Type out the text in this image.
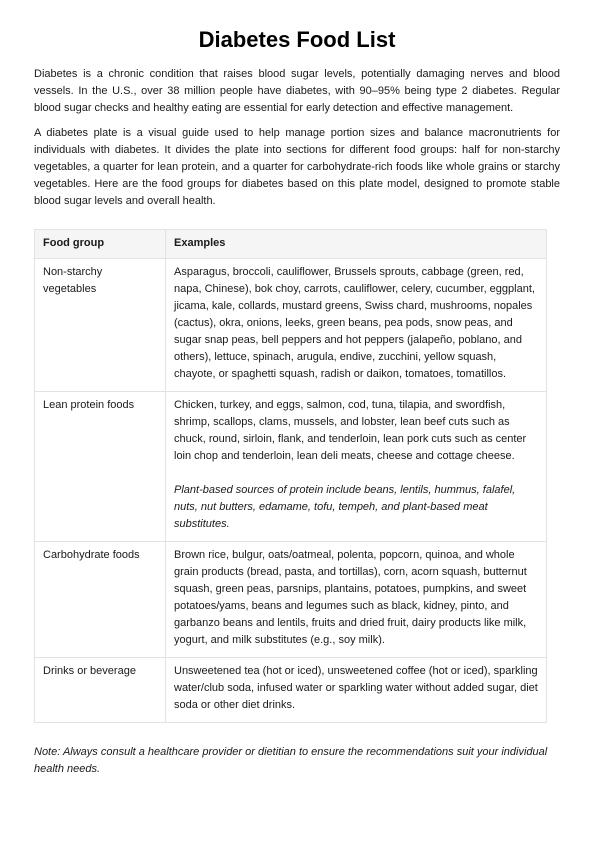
Diabetes Food List

Diabetes is a chronic condition that raises blood sugar levels, potentially damaging nerves and blood vessels. In the U.S., over 38 million people have diabetes, with 90–95% being type 2 diabetes. Regular blood sugar checks and healthy eating are essential for early detection and effective management.

A diabetes plate is a visual guide used to help manage portion sizes and balance macronutrients for individuals with diabetes. It divides the plate into sections for different food groups: half for non-starchy vegetables, a quarter for lean protein, and a quarter for carbohydrate-rich foods like whole grains or starchy vegetables. Here are the food groups for diabetes based on this plate model, designed to promote stable blood sugar levels and overall health.

Food group	Examples
Non-starchy vegetables	Asparagus, broccoli, cauliflower, Brussels sprouts, cabbage (green, red, napa, Chinese), bok choy, carrots, cauliflower, celery, cucumber, eggplant, jicama, kale, collards, mustard greens, Swiss chard, mushrooms, nopales (cactus), okra, onions, leeks, green beans, pea pods, snow peas, and sugar snap peas, bell peppers and hot peppers (jalapeño, poblano, and others), lettuce, spinach, arugula, endive, zucchini, yellow squash, chayote, or spaghetti squash, radish or daikon, tomatoes, tomatillos.
Lean protein foods	Chicken, turkey, and eggs, salmon, cod, tuna, tilapia, and swordfish, shrimp, scallops, clams, mussels, and lobster, lean beef cuts such as chuck, round, sirloin, flank, and tenderloin, lean pork cuts such as center loin chop and tenderloin, lean deli meats, cheese and cottage cheese.
Plant-based sources of protein include beans, lentils, hummus, falafel, nuts, nut butters, edamame, tofu, tempeh, and plant-based meat substitutes.

Carbohydrate foods	Brown rice, bulgur, oats/oatmeal, polenta, popcorn, quinoa, and whole grain products (bread, pasta, and tortillas), corn, acorn squash, butternut squash, green peas, parsnips, plantains, potatoes, pumpkins, and sweet potatoes/yams, beans and legumes such as black, kidney, pinto, and garbanzo beans and lentils, fruits and dried fruit, dairy products like milk, yogurt, and milk substitutes (e.g., soy milk).
Drinks or beverage	Unsweetened tea (hot or iced), unsweetened coffee (hot or iced), sparkling water/club soda, infused water or sparkling water without added sugar, diet soda or other diet drinks.

Note: Always consult a healthcare provider or dietitian to ensure the recommendations suit your individual health needs.
